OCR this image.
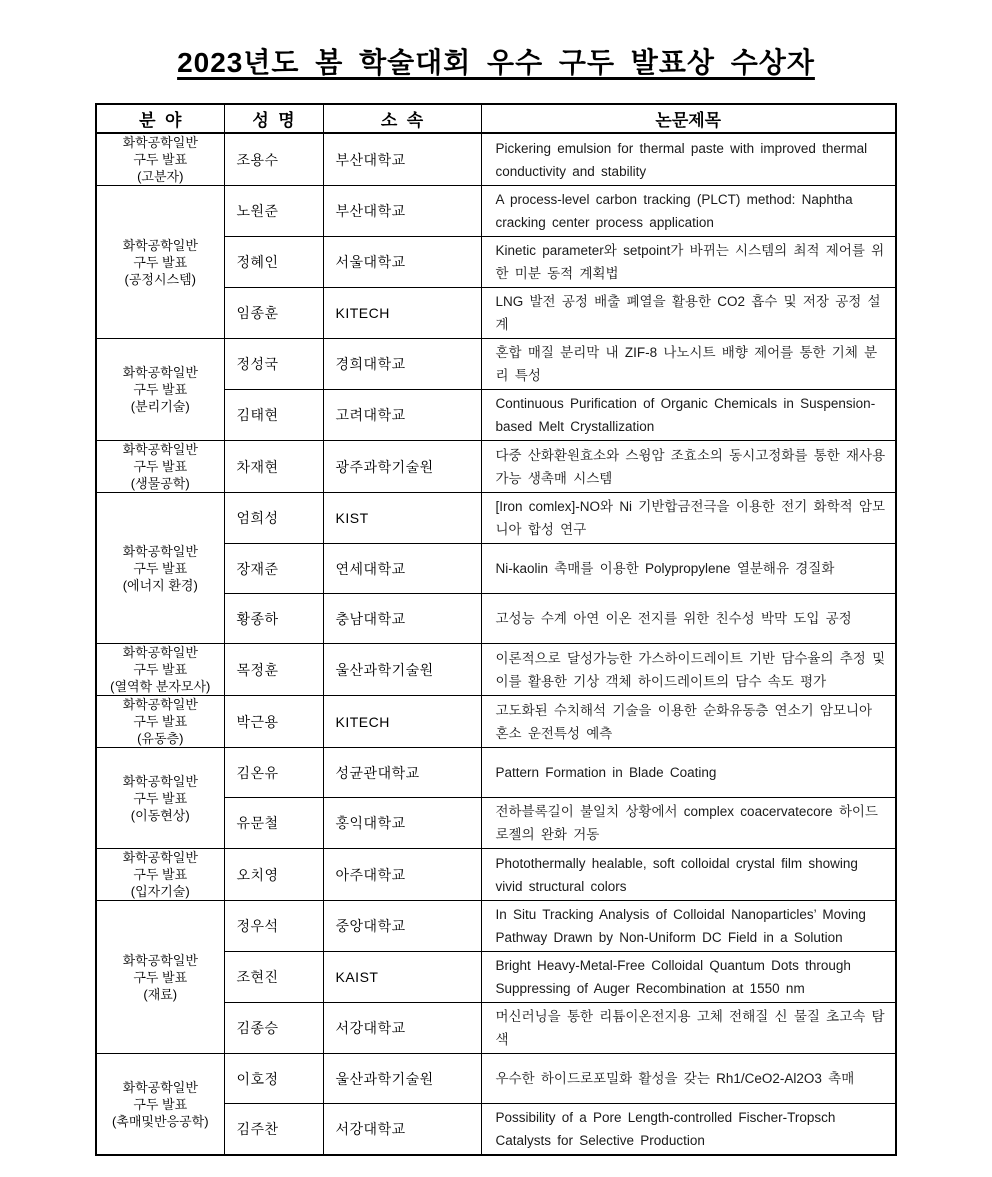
2023년도 봄 학술대회 우수 구두 발표상 수상자
분  야	성  명	소  속	논문제목

화학공학일반
구두 발표
(고분자)	조용수	부산대학교	Pickering emulsion for thermal paste with improved thermal conductivity and stability

화학공학일반
구두 발표
(공정시스템)	노원준	부산대학교	A process-level carbon tracking (PLCT) method: Naphtha cracking center process application
	정혜인	서울대학교	Kinetic parameter와 setpoint가 바뀌는 시스템의 최적 제어를 위한 미분 동적 계획법
	임종훈	KITECH	LNG 발전 공정 배출 폐열을 활용한 CO2 흡수 및 저장 공정 설계

화학공학일반
구두 발표
(분리기술)	정성국	경희대학교	혼합 매질 분리막 내 ZIF-8 나노시트 배향 제어를 통한 기체 분리 특성
	김태현	고려대학교	Continuous Purification of Organic Chemicals in Suspension-based Melt Crystallization

화학공학일반
구두 발표
(생물공학)	차재현	광주과학기술원	다중 산화환원효소와 스윙암 조효소의 동시고정화를 통한 재사용 가능 생촉매 시스템

화학공학일반
구두 발표
(에너지 환경)	엄희성	KIST	[Iron comlex]-NO와 Ni 기반합금전극을 이용한 전기 화학적 암모니아 합성 연구
	장재준	연세대학교	Ni-kaolin 촉매를 이용한 Polypropylene 열분해유 경질화
	황종하	충남대학교	고성능 수계 아연 이온 전지를 위한 친수성 박막 도입 공정

화학공학일반
구두 발표
(열역학 분자모사)	목정훈	울산과학기술원	이론적으로 달성가능한 가스하이드레이트 기반 담수율의 추정 및 이를 활용한 기상 객체 하이드레이트의 담수 속도 평가

화학공학일반
구두 발표
(유동층)	박근용	KITECH	고도화된 수치해석 기술을 이용한 순화유동층 연소기 암모니아 혼소 운전특성 예측

화학공학일반
구두 발표
(이동현상)	김온유	성균관대학교	Pattern Formation in Blade Coating
	유문철	홍익대학교	전하블록길이 불일치 상황에서 complex coacervatecore 하이드로젤의 완화 거동

화학공학일반
구두 발표
(입자기술)	오치영	아주대학교	Photothermally healable, soft colloidal crystal film showing vivid structural colors

화학공학일반
구두 발표
(재료)	정우석	중앙대학교	In Situ Tracking Analysis of Colloidal Nanoparticles’ Moving Pathway Drawn by Non-Uniform DC Field in a Solution
	조현진	KAIST	Bright Heavy-Metal-Free Colloidal Quantum Dots through Suppressing of Auger Recombination at 1550 nm
	김종승	서강대학교	머신러닝을 통한 리튬이온전지용 고체 전해질 신 물질 초고속 탐색

화학공학일반
구두 발표
(촉매및반응공학)	이호정	울산과학기술원	우수한 하이드로포밀화 활성을 갖는 Rh1/CeO2-Al2O3 촉매
	김주찬	서강대학교	Possibility of a Pore Length-controlled Fischer-Tropsch Catalysts for Selective Production
